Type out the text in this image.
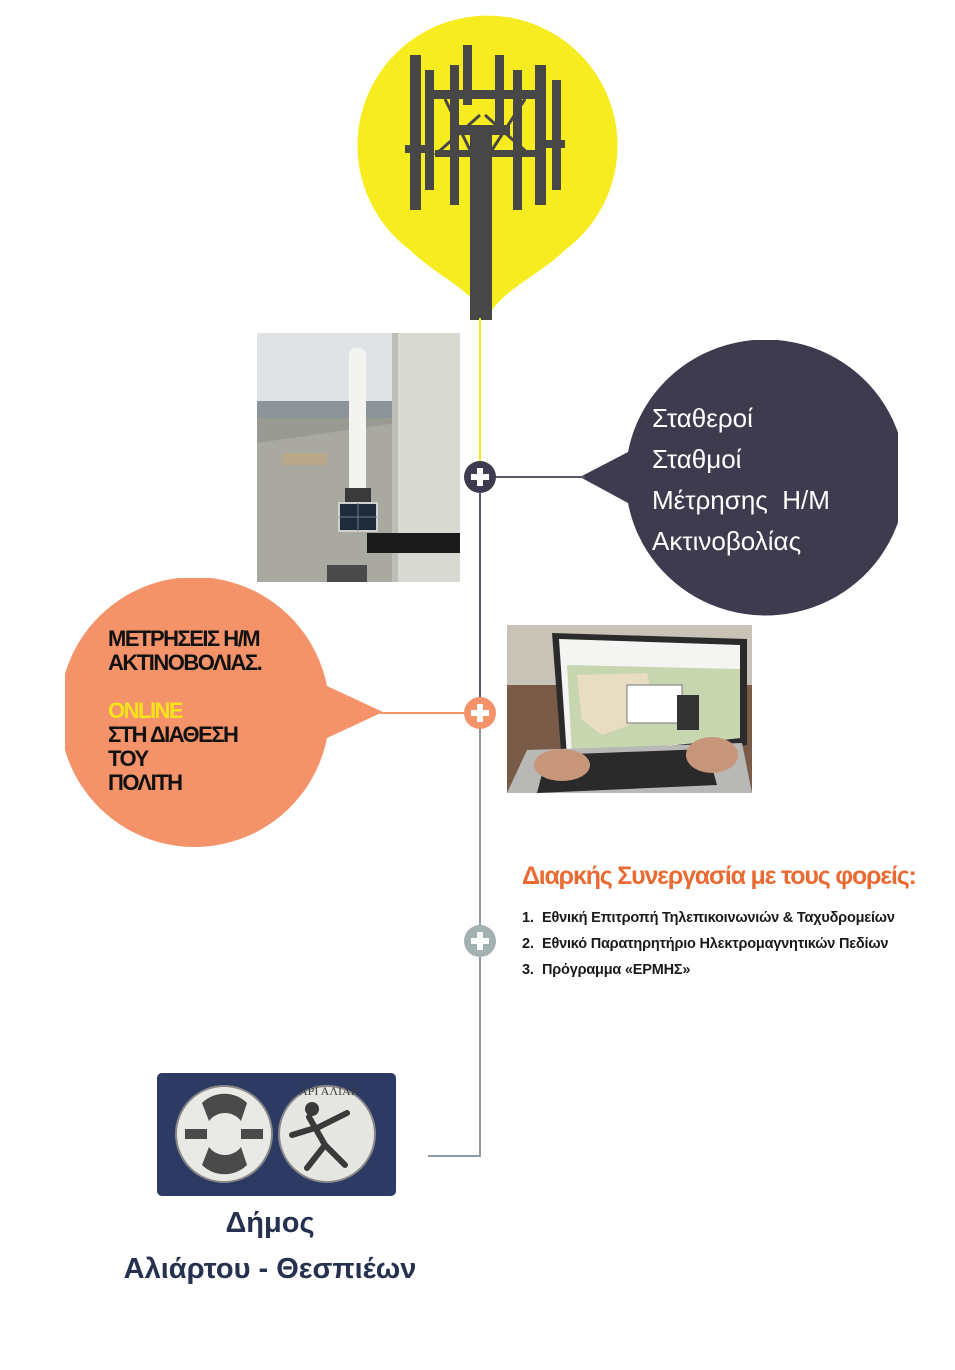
Σταθεροί
Σταθμοί
Μέτρησης  Η/Μ
Ακτινοβολίας
ΜΕΤΡΗΣΕΙΣ Η/Μ
ΑΚΤΙΝΟΒΟΛΙΑΣ.
ONLINE
ΣΤΗ ΔΙΑΘΕΣΗ
ΤΟΥ
ΠΟΛΙΤΗ
Διαρκής Συνεργασία με τους φορείς:
1. Εθνική Επιτροπή Τηλεπικοινωνιών & Ταχυδρομείων
2. Εθνικό Παρατηρητήριο Ηλεκτρομαγνητικών Πεδίων
3. Πρόγραμμα «ΕΡΜΗΣ»
ΑΡΙ ΑΛΙΑΡ
Δήμος
Αλιάρτου - Θεσπιέων
